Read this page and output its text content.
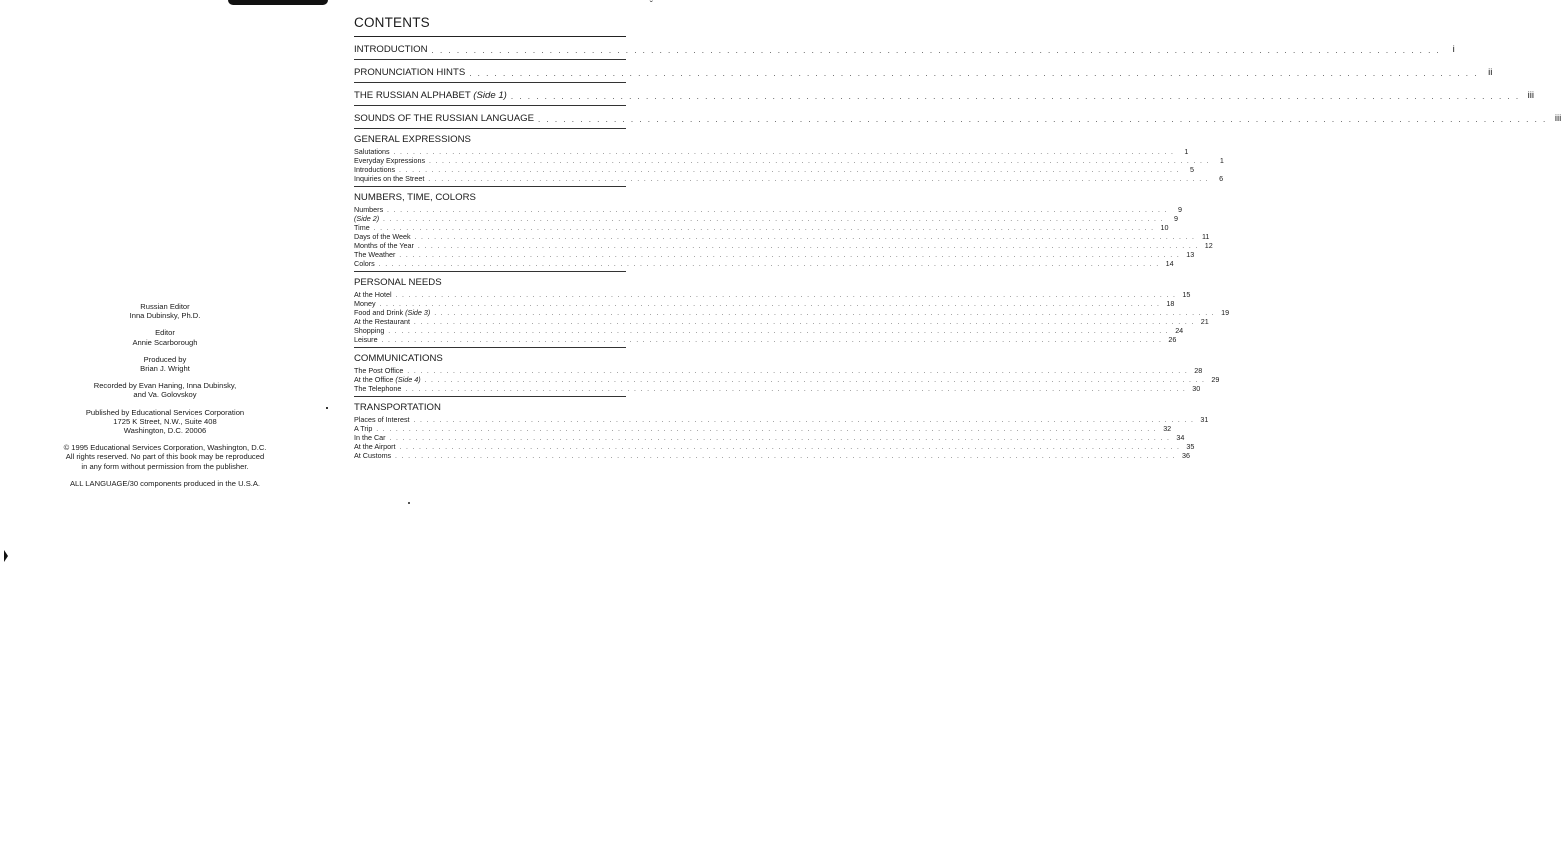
ˇ
Russian Editor
Inna Dubinsky, Ph.D.
Editor
Annie Scarborough
Produced by
Brian J. Wright
Recorded by Evan Haning, Inna Dubinsky,
and Va. Golovskoy
Published by Educational Services Corporation
1725 K Street, N.W., Suite 408
Washington, D.C. 20006
© 1995 Educational Services Corporation, Washington, D.C.
All rights reserved. No part of this book may be reproduced
in any form without permission from the publisher.
ALL LANGUAGE/30 components produced in the U.S.A.
CONTENTS
INTRODUCTION . . . . . . . . . . . . . . . . . . . . . . . . . . . . . . . . . . . . . . . . . . . . . . . . . . . . . . . . . . . . . . . . . . . . . . . . . . . . . . . . . . . . . . . . . . . . . . . . . . . . . . . . . . . . . . . . . . . . . . . .	i
PRONUNCIATION HINTS . . . . . . . . . . . . . . . . . . . . . . . . . . . . . . . . . . . . . . . . . . . . . . . . . . . . . . . . . . . . . . . . . . . . . . . . . . . . . . . . . . . . . . . . . . . . . . . . . . . . . . . . . . . . . . . . . . . . . . . .	ii
THE RUSSIAN ALPHABET (Side 1) . . . . . . . . . . . . . . . . . . . . . . . . . . . . . . . . . . . . . . . . . . . . . . . . . . . . . . . . . . . . . . . . . . . . . . . . . . . . . . . . . . . . . . . . . . . . . . . . . . . . . . . . . . . . . . . . . . . . . . . . iii
SOUNDS OF THE RUSSIAN LANGUAGE . . . . . . . . . . . . . . . . . . . . . . . . . . . . . . . . . . . . . . . . . . . . . . . . . . . . . . . . . . . . . . . . . . . . . . . . . . . . . . . . . . . . . . . . . . . . . . . . . . . . . . . . . . . . . . . . . . . . . . . . iii
GENERAL EXPRESSIONS
Salutations . . . . . . . . . . . . . . . . . . . . . . . . . . . . . . . . . . . . . . . . . . . . . . . . . . . . . . . . . . . . . . . . . . . . . . . . . . . . . . . . . . . . . . . . . . . . . . . . . . . . . . . . . . . . . . . . . . . . . . . .	1
Everyday Expressions . . . . . . . . . . . . . . . . . . . . . . . . . . . . . . . . . . . . . . . . . . . . . . . . . . . . . . . . . . . . . . . . . . . . . . . . . . . . . . . . . . . . . . . . . . . . . . . . . . . . . . . . . . . . . . . . . . . . . . . .	1
Introductions . . . . . . . . . . . . . . . . . . . . . . . . . . . . . . . . . . . . . . . . . . . . . . . . . . . . . . . . . . . . . . . . . . . . . . . . . . . . . . . . . . . . . . . . . . . . . . . . . . . . . . . . . . . . . . . . . . . . . . . .	5
Inquiries on the Street . . . . . . . . . . . . . . . . . . . . . . . . . . . . . . . . . . . . . . . . . . . . . . . . . . . . . . . . . . . . . . . . . . . . . . . . . . . . . . . . . . . . . . . . . . . . . . . . . . . . . . . . . . . . . . . . . . . . . . . .	6
NUMBERS, TIME, COLORS
Numbers . . . . . . . . . . . . . . . . . . . . . . . . . . . . . . . . . . . . . . . . . . . . . . . . . . . . . . . . . . . . . . . . . . . . . . . . . . . . . . . . . . . . . . . . . . . . . . . . . . . . . . . . . . . . . . . . . . . . . . . .	9
(Side 2) . . . . . . . . . . . . . . . . . . . . . . . . . . . . . . . . . . . . . . . . . . . . . . . . . . . . . . . . . . . . . . . . . . . . . . . . . . . . . . . . . . . . . . . . . . . . . . . . . . . . . . . . . . . . . . . . . . . . . . . .	9
Time . . . . . . . . . . . . . . . . . . . . . . . . . . . . . . . . . . . . . . . . . . . . . . . . . . . . . . . . . . . . . . . . . . . . . . . . . . . . . . . . . . . . . . . . . . . . . . . . . . . . . . . . . . . . . . . . . . . . . . . . 10
Days of the Week . . . . . . . . . . . . . . . . . . . . . . . . . . . . . . . . . . . . . . . . . . . . . . . . . . . . . . . . . . . . . . . . . . . . . . . . . . . . . . . . . . . . . . . . . . . . . . . . . . . . . . . . . . . . . . . . . . . . . . . . 11
Months of the Year . . . . . . . . . . . . . . . . . . . . . . . . . . . . . . . . . . . . . . . . . . . . . . . . . . . . . . . . . . . . . . . . . . . . . . . . . . . . . . . . . . . . . . . . . . . . . . . . . . . . . . . . . . . . . . . . . . . . . . . . 12
The Weather . . . . . . . . . . . . . . . . . . . . . . . . . . . . . . . . . . . . . . . . . . . . . . . . . . . . . . . . . . . . . . . . . . . . . . . . . . . . . . . . . . . . . . . . . . . . . . . . . . . . . . . . . . . . . . . . . . . . . . . . 13
Colors . . . . . . . . . . . . . . . . . . . . . . . . . . . . . . . . . . . . . . . . . . . . . . . . . . . . . . . . . . . . . . . . . . . . . . . . . . . . . . . . . . . . . . . . . . . . . . . . . . . . . . . . . . . . . . . . . . . . . . . . 14
PERSONAL NEEDS
At the Hotel . . . . . . . . . . . . . . . . . . . . . . . . . . . . . . . . . . . . . . . . . . . . . . . . . . . . . . . . . . . . . . . . . . . . . . . . . . . . . . . . . . . . . . . . . . . . . . . . . . . . . . . . . . . . . . . . . . . . . . . . 15
Money . . . . . . . . . . . . . . . . . . . . . . . . . . . . . . . . . . . . . . . . . . . . . . . . . . . . . . . . . . . . . . . . . . . . . . . . . . . . . . . . . . . . . . . . . . . . . . . . . . . . . . . . . . . . . . . . . . . . . . . . 18
Food and Drink (Side 3) . . . . . . . . . . . . . . . . . . . . . . . . . . . . . . . . . . . . . . . . . . . . . . . . . . . . . . . . . . . . . . . . . . . . . . . . . . . . . . . . . . . . . . . . . . . . . . . . . . . . . . . . . . . . . . . . . . . . . . . . 19
At the Restaurant . . . . . . . . . . . . . . . . . . . . . . . . . . . . . . . . . . . . . . . . . . . . . . . . . . . . . . . . . . . . . . . . . . . . . . . . . . . . . . . . . . . . . . . . . . . . . . . . . . . . . . . . . . . . . . . . . . . . . . . . 21
Shopping . . . . . . . . . . . . . . . . . . . . . . . . . . . . . . . . . . . . . . . . . . . . . . . . . . . . . . . . . . . . . . . . . . . . . . . . . . . . . . . . . . . . . . . . . . . . . . . . . . . . . . . . . . . . . . . . . . . . . . . . 24
Leisure . . . . . . . . . . . . . . . . . . . . . . . . . . . . . . . . . . . . . . . . . . . . . . . . . . . . . . . . . . . . . . . . . . . . . . . . . . . . . . . . . . . . . . . . . . . . . . . . . . . . . . . . . . . . . . . . . . . . . . . . 26
COMMUNICATIONS
The Post Office . . . . . . . . . . . . . . . . . . . . . . . . . . . . . . . . . . . . . . . . . . . . . . . . . . . . . . . . . . . . . . . . . . . . . . . . . . . . . . . . . . . . . . . . . . . . . . . . . . . . . . . . . . . . . . . . . . . . . . . . 28
At the Office (Side 4) . . . . . . . . . . . . . . . . . . . . . . . . . . . . . . . . . . . . . . . . . . . . . . . . . . . . . . . . . . . . . . . . . . . . . . . . . . . . . . . . . . . . . . . . . . . . . . . . . . . . . . . . . . . . . . . . . . . . . . . . 29
The Telephone . . . . . . . . . . . . . . . . . . . . . . . . . . . . . . . . . . . . . . . . . . . . . . . . . . . . . . . . . . . . . . . . . . . . . . . . . . . . . . . . . . . . . . . . . . . . . . . . . . . . . . . . . . . . . . . . . . . . . . . . 30
TRANSPORTATION
Places of Interest . . . . . . . . . . . . . . . . . . . . . . . . . . . . . . . . . . . . . . . . . . . . . . . . . . . . . . . . . . . . . . . . . . . . . . . . . . . . . . . . . . . . . . . . . . . . . . . . . . . . . . . . . . . . . . . . . . . . . . . . 31
A Trip . . . . . . . . . . . . . . . . . . . . . . . . . . . . . . . . . . . . . . . . . . . . . . . . . . . . . . . . . . . . . . . . . . . . . . . . . . . . . . . . . . . . . . . . . . . . . . . . . . . . . . . . . . . . . . . . . . . . . . . . 32
In the Car . . . . . . . . . . . . . . . . . . . . . . . . . . . . . . . . . . . . . . . . . . . . . . . . . . . . . . . . . . . . . . . . . . . . . . . . . . . . . . . . . . . . . . . . . . . . . . . . . . . . . . . . . . . . . . . . . . . . . . . . 34
At the Airport . . . . . . . . . . . . . . . . . . . . . . . . . . . . . . . . . . . . . . . . . . . . . . . . . . . . . . . . . . . . . . . . . . . . . . . . . . . . . . . . . . . . . . . . . . . . . . . . . . . . . . . . . . . . . . . . . . . . . . . . 35
At Customs . . . . . . . . . . . . . . . . . . . . . . . . . . . . . . . . . . . . . . . . . . . . . . . . . . . . . . . . . . . . . . . . . . . . . . . . . . . . . . . . . . . . . . . . . . . . . . . . . . . . . . . . . . . . . . . . . . . . . . . . 36
